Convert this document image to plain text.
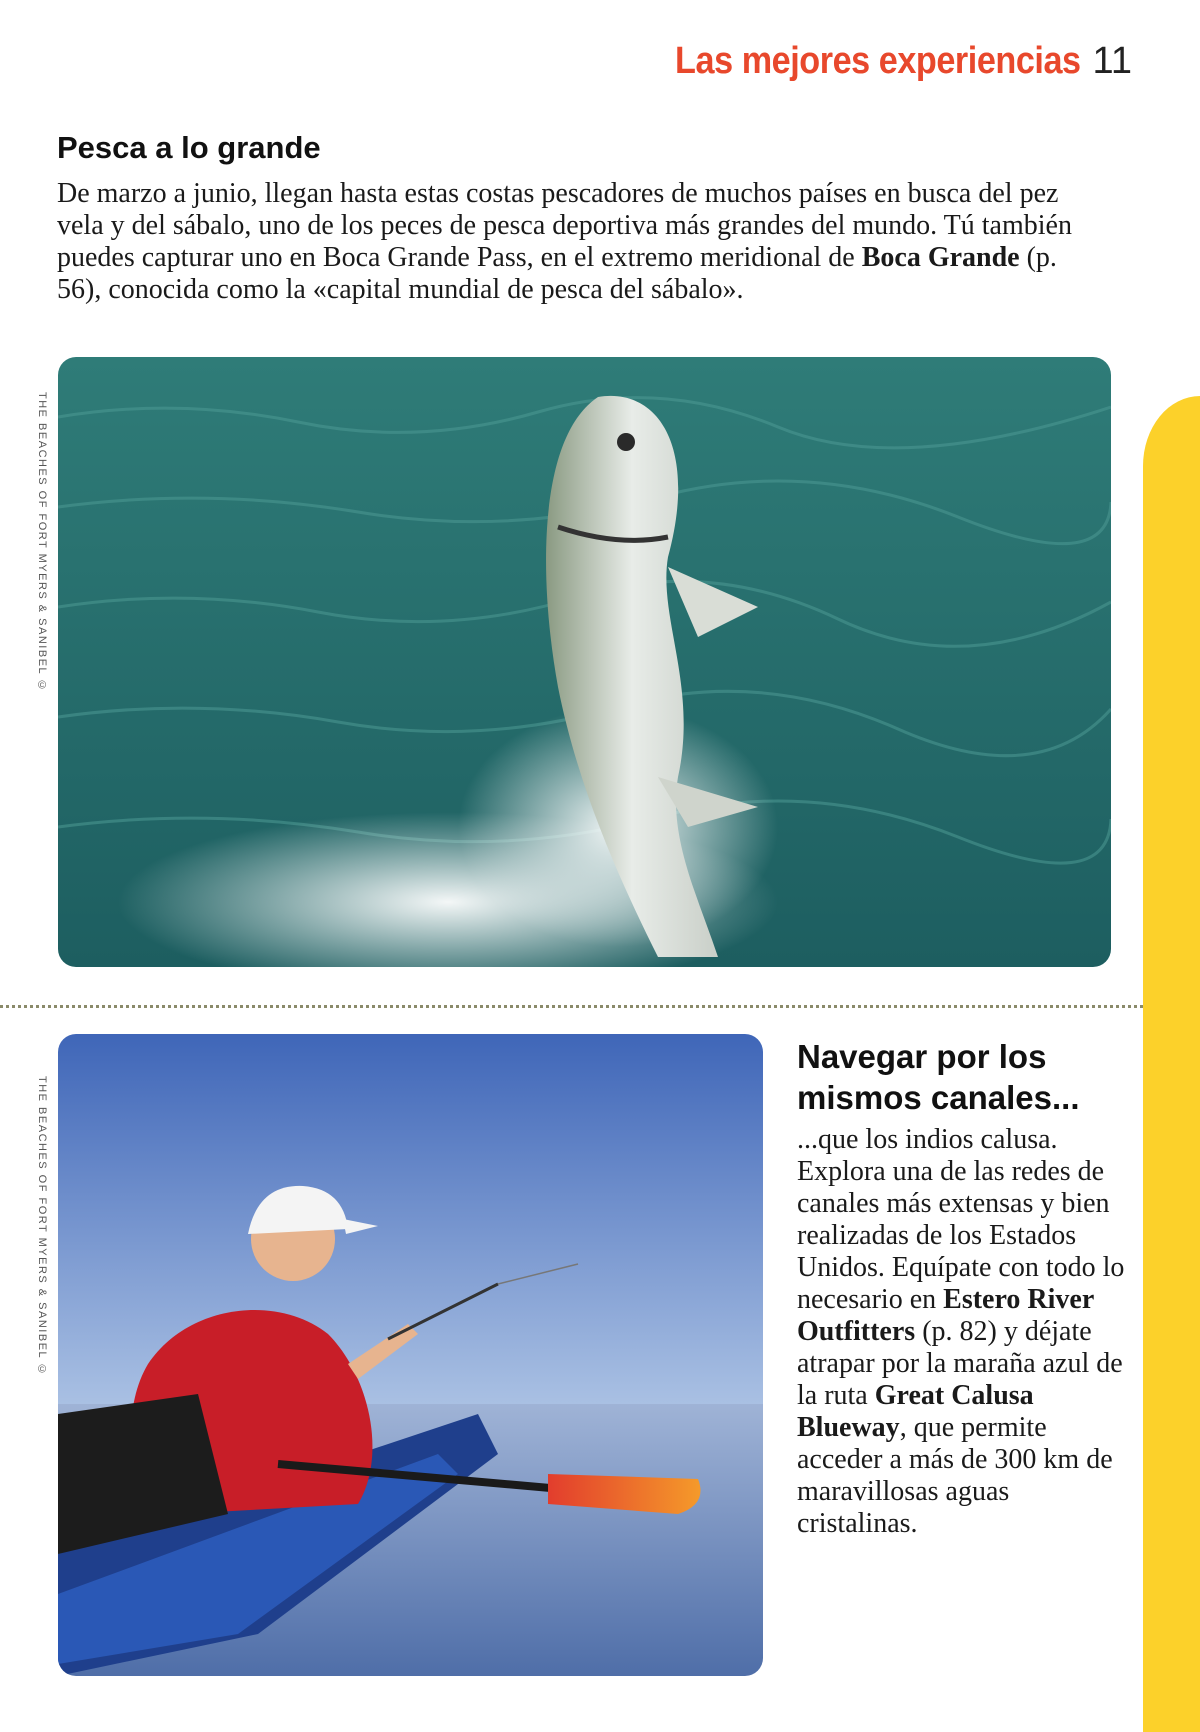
Las mejores experiencias 11
Pesca a lo grande

De marzo a junio, llegan hasta estas costas pescadores de muchos países en busca del pez vela y del sábalo, uno de los peces de pesca deportiva más grandes del mundo. Tú también puedes capturar uno en Boca Grande Pass, en el extremo meridional de Boca Grande (p. 56), conocida como la «capital mundial de pesca del sábalo».

THE BEACHES OF FORT MYERS & SANIBEL ©
THE BEACHES OF FORT MYERS & SANIBEL ©
Navegar por los mismos canales...

...que los indios calusa. Explora una de las redes de canales más extensas y bien realizadas de los Estados Unidos. Equípate con todo lo necesario en Estero River Outfitters (p. 82) y déjate atrapar por la maraña azul de la ruta Great Calusa Blueway, que permite acceder a más de 300 km de maravillosas aguas cristalinas.
